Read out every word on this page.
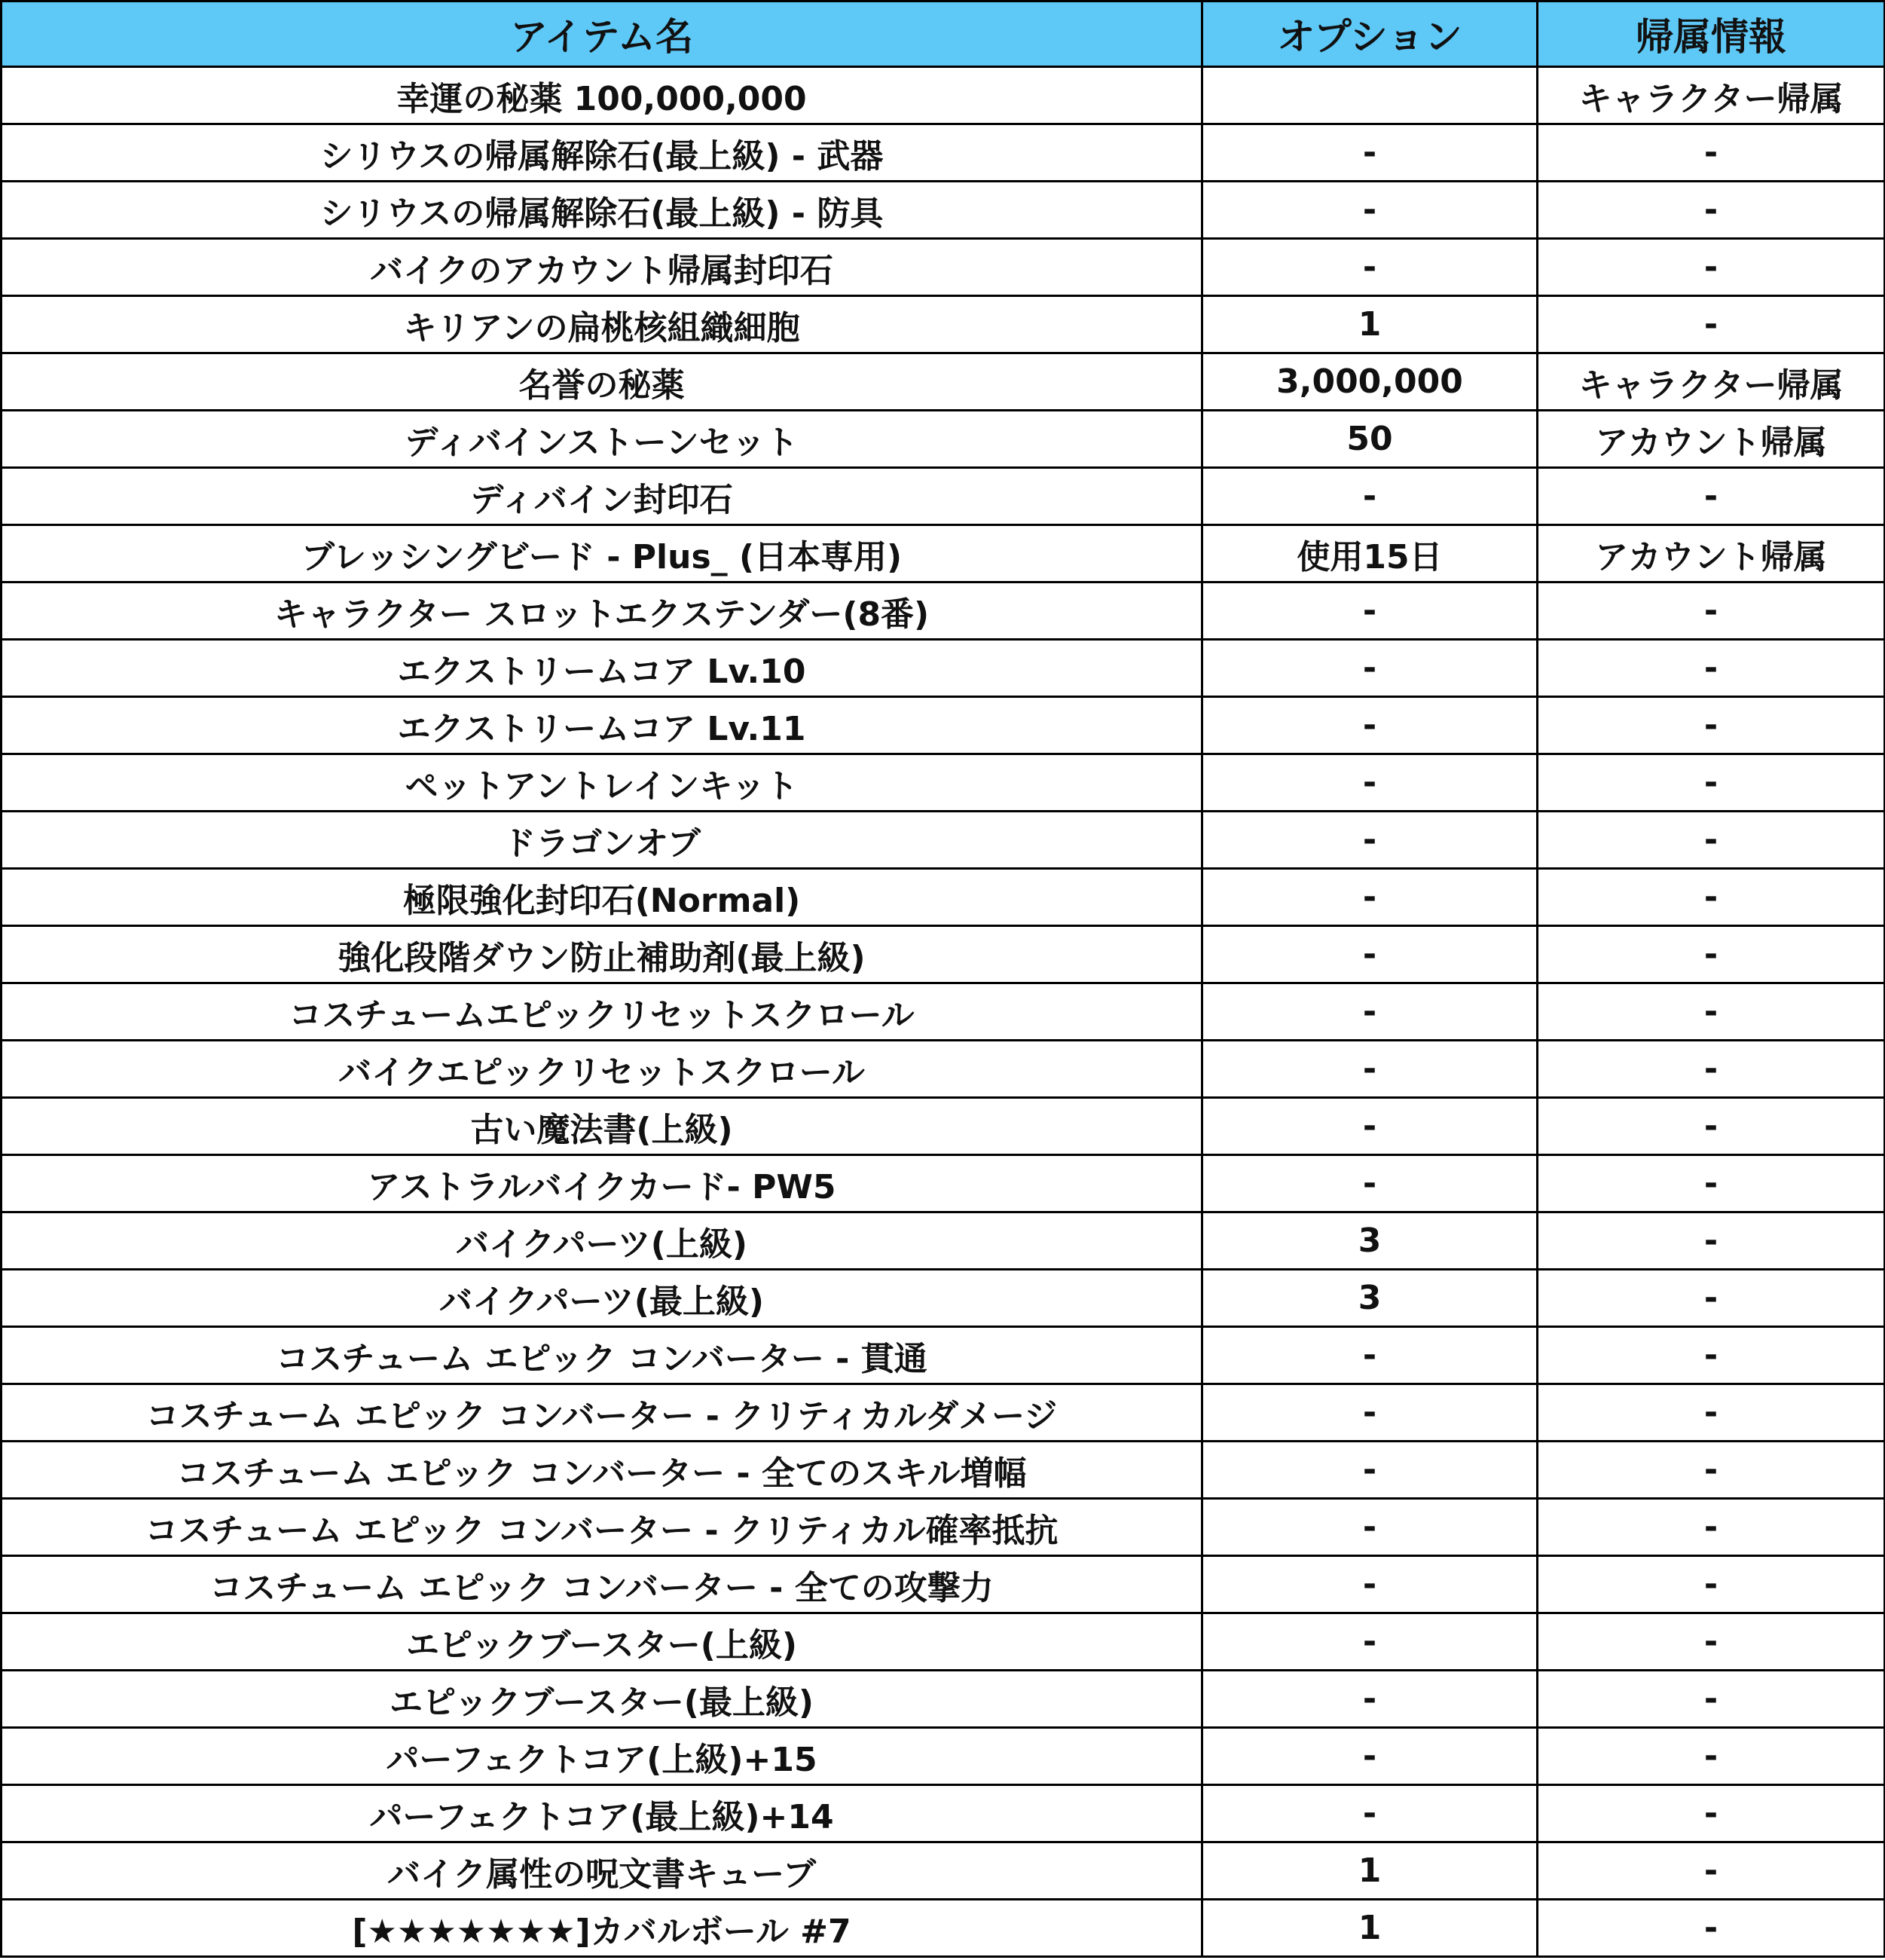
アイテム名	オプション	帰属情報
幸運の秘薬 100,000,000		キャラクター帰属
シリウスの帰属解除石(最上級) - 武器	-	-
シリウスの帰属解除石(最上級) - 防具	-	-
バイクのアカウント帰属封印石	-	-
キリアンの扁桃核組織細胞	1	-
名誉の秘薬	3,000,000	キャラクター帰属
ディバインストーンセット	50	アカウント帰属
ディバイン封印石	-	-
ブレッシングビード - Plus_ (日本専用)	使用15日	アカウント帰属
キャラクター スロットエクステンダー(8番)	-	-
エクストリームコア Lv.10	-	-
エクストリームコア Lv.11	-	-
ペットアントレインキット	-	-
ドラゴンオブ	-	-
極限強化封印石(Normal)	-	-
強化段階ダウン防止補助剤(最上級)	-	-
コスチュームエピックリセットスクロール	-	-
バイクエピックリセットスクロール	-	-
古い魔法書(上級)	-	-
アストラルバイクカード- PW5	-	-
バイクパーツ(上級)	3	-
バイクパーツ(最上級)	3	-
コスチューム エピック コンバーター - 貫通	-	-
コスチューム エピック コンバーター - クリティカルダメージ	-	-
コスチューム エピック コンバーター - 全てのスキル増幅	-	-
コスチューム エピック コンバーター - クリティカル確率抵抗	-	-
コスチューム エピック コンバーター - 全ての攻撃力	-	-
エピックブースター(上級)	-	-
エピックブースター(最上級)	-	-
パーフェクトコア(上級)+15	-	-
パーフェクトコア(最上級)+14	-	-
バイク属性の呪文書キューブ	1	-
[★★★★★★★]カバルボール #7	1	-
